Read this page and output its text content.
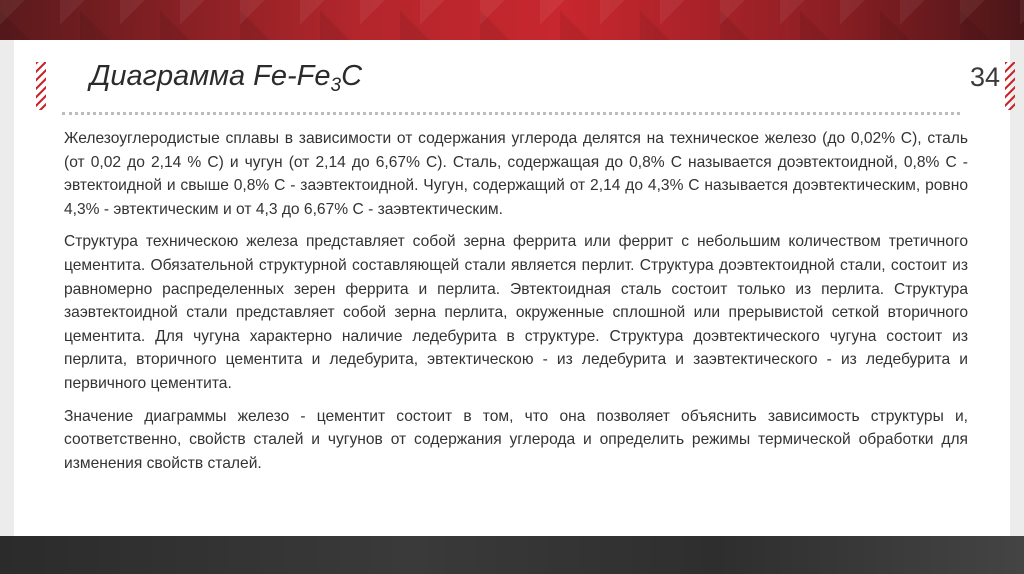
Диаграмма $Fe-Fe_3C$	34

Железоуглеродистые сплавы в зависимости от содержания углерода делятся на техническое железо (до 0,02% С), сталь (от 0,02 до 2,14 % С) и чугун (от 2,14 до 6,67% С). Сталь, содержащая до 0,8% С называется доэвтектоидной, 0,8% С - эвтектоидной и свыше 0,8% С - заэвтектоидной. Чугун, содержащий от 2,14 до 4,3% С называется доэвтектическим, ровно 4,3% - эвтектическим и от 4,3 до 6,67% С - заэвтектическим.

Структура техническою железа представляет собой зерна феррита или феррит с небольшим количеством третичного цементита. Обязательной структурной составляющей стали является перлит. Структура доэвтектоидной стали, состоит из равномерно распределенных зерен феррита и перлита. Эвтектоидная сталь состоит только из перлита. Структура заэвтектоидной стали представляет собой зерна перлита, окруженные сплошной или прерывистой сеткой вторичного цементита. Для чугуна характерно наличие ледебурита в структуре. Структура доэвтектического чугуна состоит из перлита, вторичного цементита и ледебурита, эвтектическою - из ледебурита и заэвтектического - из ледебурита и первичного цементита.

Значение диаграммы железо - цементит состоит в том, что она позволяет объяснить зависимость структуры и, соответственно, свойств сталей и чугунов от содержания углерода и определить режимы термической обработки для изменения свойств сталей.
